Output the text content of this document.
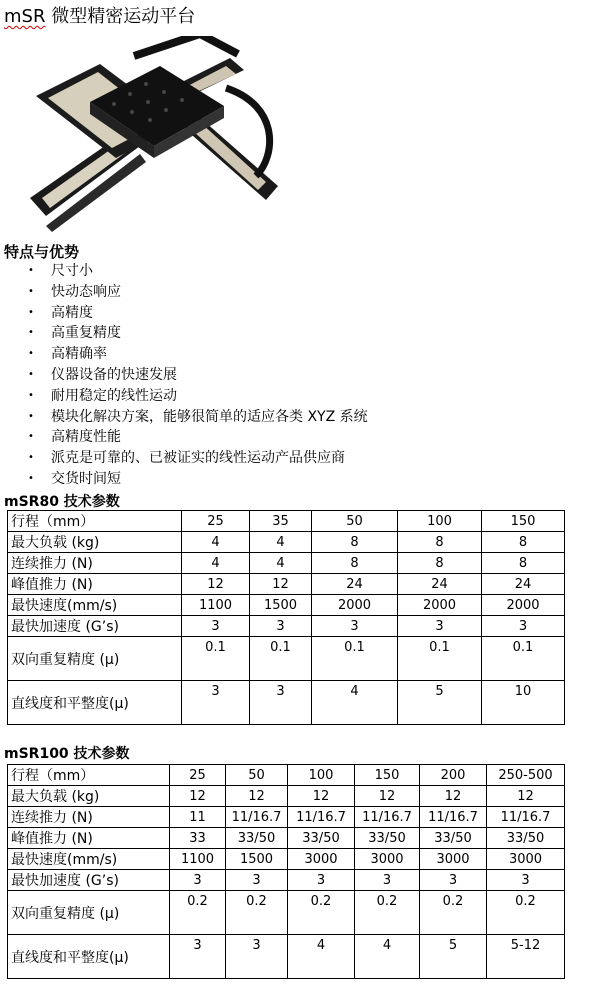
mSR 微型精密运动平台
特点与优势
• 尺寸小
• 快动态响应
• 高精度
• 高重复精度
• 高精确率
• 仪器设备的快速发展
• 耐用稳定的线性运动
• 模块化解决方案，能够很简单的适应各类 XYZ 系统
• 高精度性能
• 派克是可靠的、已被证实的线性运动产品供应商
• 交货时间短
mSR80 技术参数
行程（mm）	25	35	50	100	150
最大负载 (kg)	4	4	8	8	8
连续推力 (N)	4	4	8	8	8
峰值推力 (N)	12	12	24	24	24
最快速度(mm/s)	1100	1500	2000	2000	2000
最快加速度 (G’s)	3	3	3	3	3
双向重复精度 (μ)	0.1	0.1	0.1	0.1	0.1
直线度和平整度(μ)	3	3	4	5	10
mSR100 技术参数
行程（mm）	25	50	100	150	200	250-500
最大负载 (kg)	12	12	12	12	12	12
连续推力 (N)	11	11/16.7	11/16.7	11/16.7	11/16.7	11/16.7
峰值推力 (N)	33	33/50	33/50	33/50	33/50	33/50
最快速度(mm/s)	1100	1500	3000	3000	3000	3000
最快加速度 (G’s)	3	3	3	3	3	3
双向重复精度 (μ)	0.2	0.2	0.2	0.2	0.2	0.2
直线度和平整度(μ)	3	3	4	4	5	5-12
